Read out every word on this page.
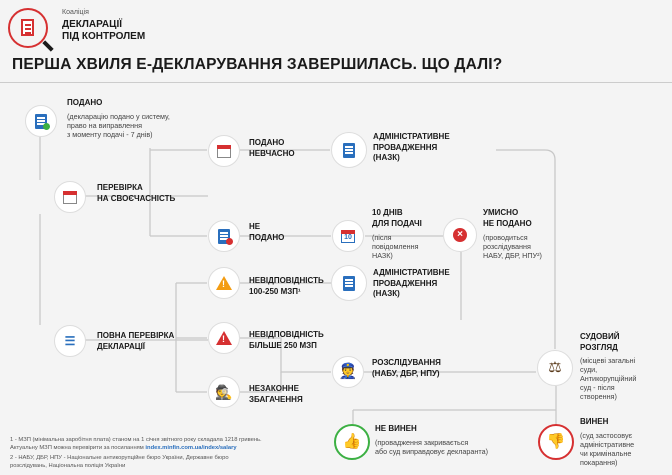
Коаліція
ДЕКЛАРАЦІЇ
ПІД КОНТРОЛЕМ
ПЕРША ХВИЛЯ Е-ДЕКЛАРУВАННЯ ЗАВЕРШИЛАСЬ. ЩО ДАЛІ?
ПОДАНО
(декларацію подано у систему,
право на виправлення
з моменту подачі - 7 днів)
ПЕРЕВІРКА
НА СВОЄЧАСНІСТЬ
ПОДАНО
НЕВЧАСНО
АДМІНІСТРАТИВНЕ
ПРОВАДЖЕННЯ
(НАЗК)
НЕ
ПОДАНО	10
10 ДНІВ
ДЛЯ ПОДАЧІ
(після
повідомлення
НАЗК)
×
УМИСНО
НЕ ПОДАНО
(проводиться
розслідування
НАБУ, ДБР, НПУ²)
!
НЕВІДПОВІДНІСТЬ
100-250 МЗП¹
АДМІНІСТРАТИВНЕ
ПРОВАДЖЕННЯ
(НАЗК)
☰	ПОВНА ПЕРЕВІРКА
ДЕКЛАРАЦІЇ
!
НЕВІДПОВІДНІСТЬ
БІЛЬШЕ 250 МЗП
👮
РОЗСЛІДУВАННЯ
(НАБУ, ДБР, НПУ)
🕵 НЕЗАКОННЕ
ЗБАГАЧЕННЯ
⚖
СУДОВИЙ
РОЗГЛЯД
(місцеві загальні
суди,
Антикорупційний
суд - після
створення)
👍
НЕ ВИНЕН
(провадження закривається
або суд виправдовує декларанта)
👎
ВИНЕН
(суд застосовує
адміністративне
чи кримінальне
покарання)
1 - МЗП (мінімальна заробітня плата) станом на 1 січня звітного року складала 1218 гривень.
Актуальну МЗП можна перевірити за посиланням index.minfin.com.ua/index/salary
2 - НАБУ, ДБР, НПУ - Національне антикорупційне бюро України, Державне бюро
розслідувань, Національна поліція України
